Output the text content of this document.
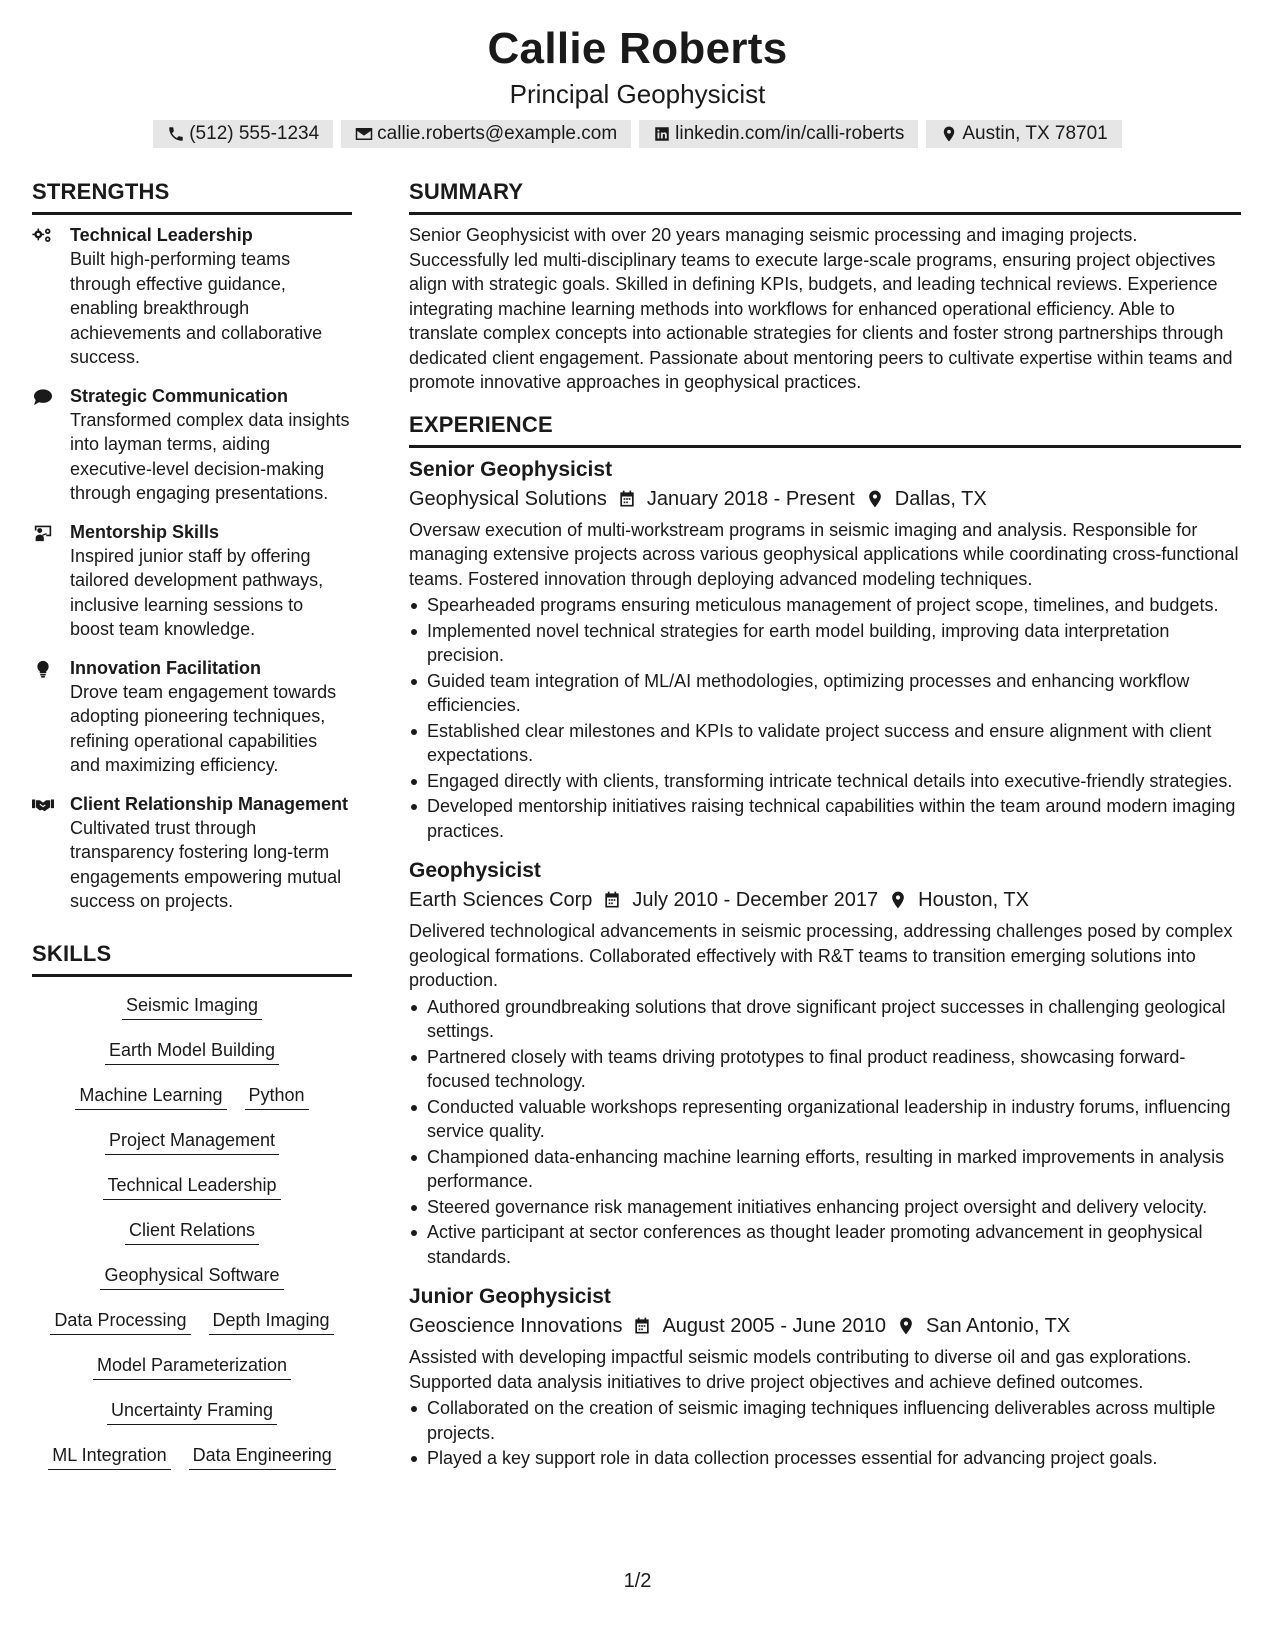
Callie Roberts
Principal Geophysicist
(512) 555-1234	callie.roberts@example.com	linkedin.com/in/calli-roberts	Austin, TX 78701
STRENGTHS
Technical Leadership
Built high-performing teams through effective guidance, enabling breakthrough achievements and collaborative success.
Strategic Communication
Transformed complex data insights into layman terms, aiding executive-level decision-making through engaging presentations.
Mentorship Skills
Inspired junior staff by offering tailored development pathways, inclusive learning sessions to boost team knowledge.
Innovation Facilitation
Drove team engagement towards adopting pioneering techniques, refining operational capabilities and maximizing efficiency.
Client Relationship Management
Cultivated trust through transparency fostering long-term engagements empowering mutual success on projects.
SKILLS
Seismic Imaging
Earth Model Building
Machine Learning Python
Project Management
Technical Leadership
Client Relations
Geophysical Software
Data Processing Depth Imaging
Model Parameterization
Uncertainty Framing
ML Integration Data Engineering
SUMMARY
Senior Geophysicist with over 20 years managing seismic processing and imaging projects. Successfully led multi-disciplinary teams to execute large-scale programs, ensuring project objectives align with strategic goals. Skilled in defining KPIs, budgets, and leading technical reviews. Experience integrating machine learning methods into workflows for enhanced operational efficiency. Able to translate complex concepts into actionable strategies for clients and foster strong partnerships through dedicated client engagement. Passionate about mentoring peers to cultivate expertise within teams and promote innovative approaches in geophysical practices.
EXPERIENCE
Senior Geophysicist
Geophysical Solutions January 2018 - Present Dallas, TX
Oversaw execution of multi-workstream programs in seismic imaging and analysis. Responsible for managing extensive projects across various geophysical applications while coordinating cross-functional teams. Fostered innovation through deploying advanced modeling techniques.
Spearheaded programs ensuring meticulous management of project scope, timelines, and budgets.
Implemented novel technical strategies for earth model building, improving data interpretation precision.
Guided team integration of ML/AI methodologies, optimizing processes and enhancing workflow efficiencies.
Established clear milestones and KPIs to validate project success and ensure alignment with client expectations.
Engaged directly with clients, transforming intricate technical details into executive-friendly strategies.
Developed mentorship initiatives raising technical capabilities within the team around modern imaging practices.
Geophysicist
Earth Sciences Corp July 2010 - December 2017 Houston, TX
Delivered technological advancements in seismic processing, addressing challenges posed by complex geological formations. Collaborated effectively with R&T teams to transition emerging solutions into production.
Authored groundbreaking solutions that drove significant project successes in challenging geological settings.
Partnered closely with teams driving prototypes to final product readiness, showcasing forward-focused technology.
Conducted valuable workshops representing organizational leadership in industry forums, influencing service quality.
Championed data-enhancing machine learning efforts, resulting in marked improvements in analysis performance.
Steered governance risk management initiatives enhancing project oversight and delivery velocity.
Active participant at sector conferences as thought leader promoting advancement in geophysical standards.
Junior Geophysicist
Geoscience Innovations August 2005 - June 2010 San Antonio, TX
Assisted with developing impactful seismic models contributing to diverse oil and gas explorations. Supported data analysis initiatives to drive project objectives and achieve defined outcomes.
Collaborated on the creation of seismic imaging techniques influencing deliverables across multiple projects.
Played a key support role in data collection processes essential for advancing project goals.
1/2
